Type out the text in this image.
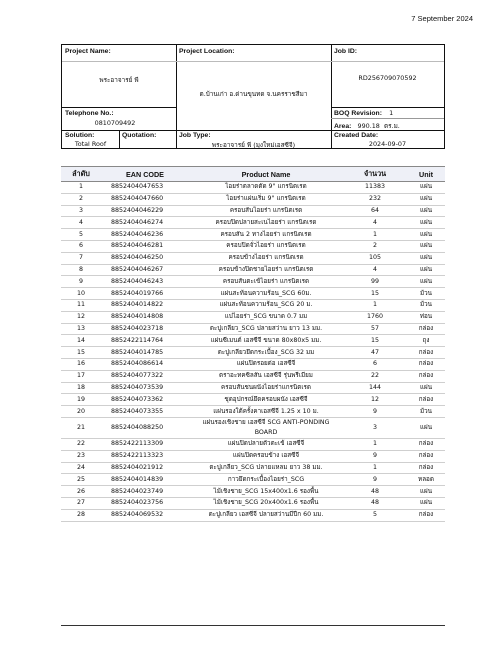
7 September 2024
Project Name:
พระอาจารย์ พี
Project Location:
ต.บ้านเก่า อ.ด่านขุนทด จ.นครราชสีมา
Job ID:
RD256709070592
Telephone No.:
0810709492
BOQ Revision: 1
Area: 990.18 ตร.ม.
Solution:
Total Roof
Quotation:	Job Type:
พระอาจารย์ พี (มุงใหม่เอสซีจี)
Created Date:
2024-09-07
ลำดับ	EAN CODE	Product Name	จำนวน	Unit
1	8852404047653	ไอยร่าตลาดตัด 9" แกรนิตเรด	11383	แผ่น
2	8852404047660	ไอยร่าแผ่นเริ่ม 9" แกรนิตเรด	232	แผ่น
3	8852404046229	ครอบสันไอยร่า แกรนิตเรด	64	แผ่น
4	8852404046274	ครอบปิดปลายสะเนไอยร่า แกรนิตเรด	4	แผ่น
5	8852404046236	ครอบสัน 2 ทางไอยร่า แกรนิตเรด	1	แผ่น
6	8852404046281	ครอบปิดจั่วไอยร่า แกรนิตเรด	2	แผ่น
7	8852404046250	ครอบข้างไอยร่า แกรนิตเรด	105	แผ่น
8	8852404046267	ครอบข้างปิดชายไอยร่า แกรนิตเรด	4	แผ่น
9	8852404046243	ครอบสันตะเข้ไอยร่า แกรนิตเรด	99	แผ่น
10	8852404019766	แผ่นสะท้อนความร้อน_SCG 60ม.	15	ม้วน
11	8852404014822	แผ่นสะท้อนความร้อน_SCG 20 ม.	1	ม้วน
12	8852404014808	แปไอยร่า_SCG ขนาด 0.7 มม	1760	ท่อน
13	8852404023718	ตะปูเกลียว_SCG ปลายสว่าน ยาว 13 มม.	57	กล่อง
14	8852422114764	แผ่นซีเมนต์ เอสซีจี ขนาด 80x80x5 มม.	15	ถุง
15	8852404014785	ตะปูเกลียวยึดกระเบื้อง_SCG 32 มม	47	กล่อง
16	8852404086614	แผ่นปิดรอยต่อ เอสซีจี	6	กล่อง
17	8852404077322	ตราอะทคซิลสัน เอสซีจี รุ่นพรีเมียม	22	กล่อง
18	8852404073539	ครอบสันชนผนังไอยร่าแกรนิตเรด	144	แผ่น
19	8852404073362	ชุดอุปกรณ์ยึดครอบผนัง เอสซีจี	12	กล่อง
20	8852404073355	แผ่นรองใต้ครั้งคาเอสซีจี 1.25 x 10 ม.	9	ม้วน
21	8852404088250	แผ่นรองเชิงชาย เอสซีจี SCG ANTI-PONDING BOARD	3	แผ่น
22	8852422113309	แผ่นปิดปลายตัวตะเข้ เอสซีจี	1	กล่อง
23	8852422113323	แผ่นปิดครอบข้าง เอสซีจี	9	กล่อง
24	8852404021912	ตะปูเกลียว_SCG ปลายแหลม ยาว 38 มม.	1	กล่อง
25	8852404014839	กาวยึดกระเบื้องไอยร่า_SCG	9	หลอด
26	8852404023749	ไม้เชิงชาย_SCG 15x400x1.6 รองพื้น	48	แผ่น
27	8852404023756	ไม้เชิงชาย_SCG 20x400x1.6 รองพื้น	48	แผ่น
28	8852404069532	ตะปูเกลียว เอสซีจี ปลายสว่านมีปีก 60 มม.	5	กล่อง
